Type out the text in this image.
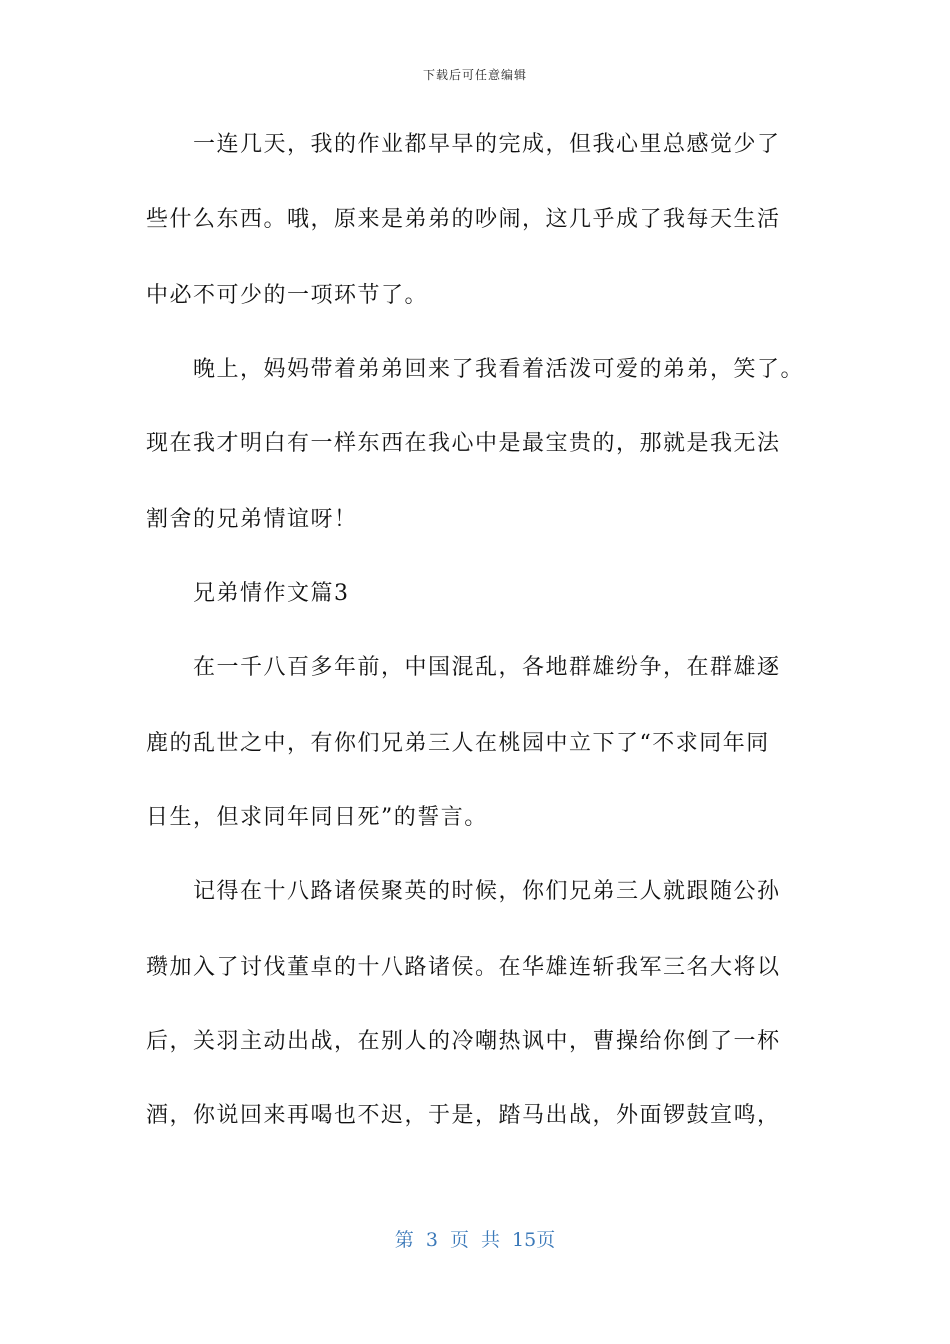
下载后可任意编辑
　　一连几天，我的作业都早早的完成，但我心里总感觉少了
些什么东西。哦，原来是弟弟的吵闹，这几乎成了我每天生活
中必不可少的一项环节了。
　　晚上，妈妈带着弟弟回来了我看着活泼可爱的弟弟，笑了。
现在我才明白有一样东西在我心中是最宝贵的，那就是我无法
割舍的兄弟情谊呀！
　　兄弟情作文篇3
　　在一千八百多年前，中国混乱，各地群雄纷争，在群雄逐
鹿的乱世之中，有你们兄弟三人在桃园中立下了“不求同年同
日生，但求同年同日死”的誓言。
　　记得在十八路诸侯聚英的时候，你们兄弟三人就跟随公孙
瓒加入了讨伐董卓的十八路诸侯。在华雄连斩我军三名大将以
后，关羽主动出战，在别人的冷嘲热讽中，曹操给你倒了一杯
酒，你说回来再喝也不迟，于是，踏马出战，外面锣鼓宣鸣，
第 3 页 共 15页
